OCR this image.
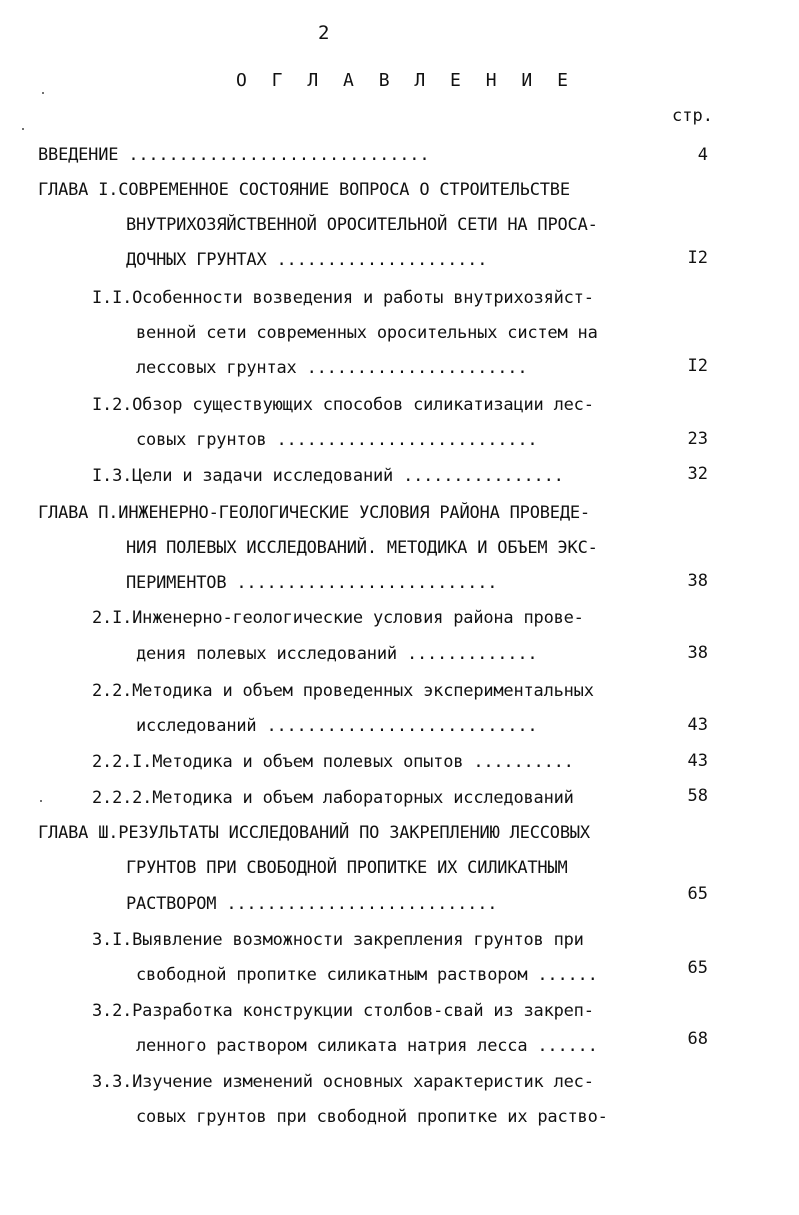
2
О Г Л А В Л Е Н И Е
стр.
ВВЕДЕНИЕ ..............................
ГЛАВА I.СОВРЕМЕННОЕ СОСТОЯНИЕ ВОПРОСА О СТРОИТЕЛЬСТВЕ
ВНУТРИХОЗЯЙСТВЕННОЙ ОРОСИТЕЛЬНОЙ СЕТИ НА ПРОСА-
ДОЧНЫХ ГРУНТАХ .....................
I.I.Особенности возведения и работы внутрихозяйст-
венной сети современных оросительных систем на
лессовых грунтах ......................
I.2.Обзор существующих способов силикатизации лес-
совых грунтов ..........................
I.3.Цели и задачи исследований ................
ГЛАВА П.ИНЖЕНЕРНО-ГЕОЛОГИЧЕСКИЕ УСЛОВИЯ РАЙОНА ПРОВЕДЕ-
НИЯ ПОЛЕВЫХ ИССЛЕДОВАНИЙ. МЕТОДИКА И ОБЪЕМ ЭКС-
ПЕРИМЕНТОВ ..........................
2.I.Инженерно-геологические условия района прове-
дения полевых исследований .............
2.2.Методика и объем проведенных экспериментальных
исследований ...........................
2.2.I.Методика и объем полевых опытов ..........
2.2.2.Методика и объем лабораторных исследований
ГЛАВА Ш.РЕЗУЛЬТАТЫ ИССЛЕДОВАНИЙ ПО ЗАКРЕПЛЕНИЮ ЛЕССОВЫХ
ГРУНТОВ ПРИ СВОБОДНОЙ ПРОПИТКЕ ИХ СИЛИКАТНЫМ
РАСТВОРОМ ...........................
3.I.Выявление возможности закрепления грунтов при
свободной пропитке силикатным раствором ......
3.2.Разработка конструкции столбов-свай из закреп-
ленного раствором силиката натрия лесса ......
3.3.Изучение изменений основных характеристик лес-
совых грунтов при свободной пропитке их раство-
4
I2
I2
23
32
38
38
43
43
58
65
65
68
